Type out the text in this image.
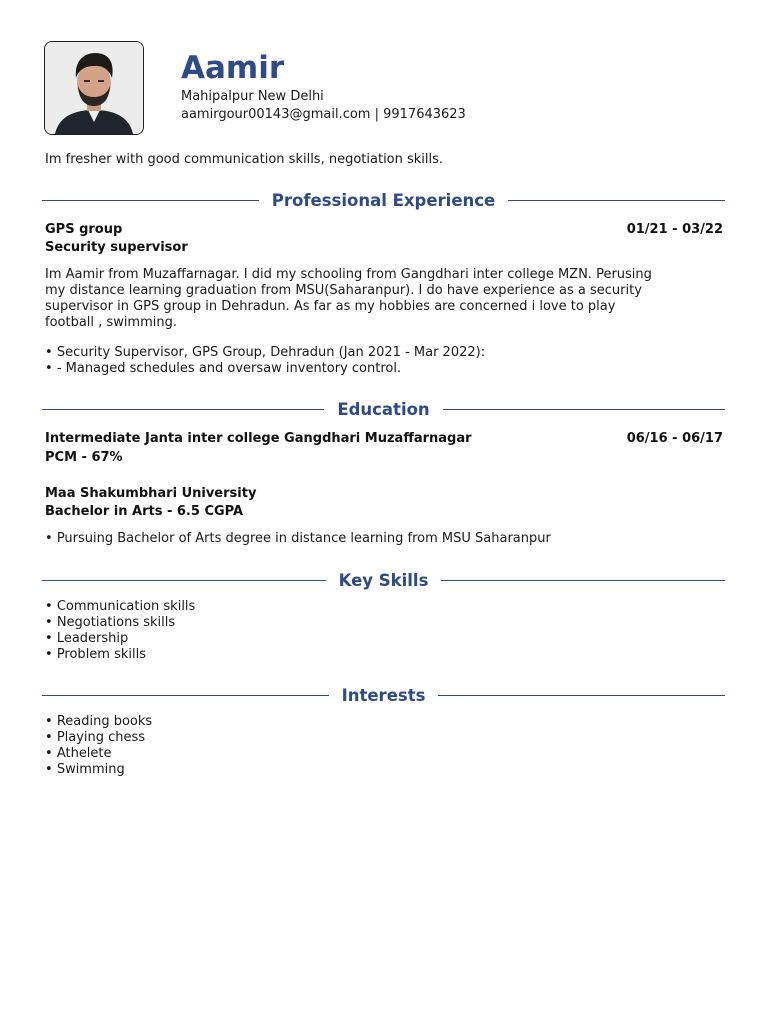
Aamir
Mahipalpur New Delhi
aamirgour00143@gmail.com | 9917643623
Im fresher with good communication skills, negotiation skills.
Professional Experience
GPS group	01/21 - 03/22
Security supervisor
Im Aamir from Muzaffarnagar. I did my schooling from Gangdhari inter college MZN. Perusing
my distance learning graduation from MSU(Saharanpur). I do have experience as a security
supervisor in GPS group in Dehradun. As far as my hobbies are concerned i love to play
football , swimming.
• Security Supervisor, GPS Group, Dehradun (Jan 2021 - Mar 2022):
• - Managed schedules and oversaw inventory control.
Education
Intermediate Janta inter college Gangdhari Muzaffarnagar	06/16 - 06/17
PCM - 67%
Maa Shakumbhari University
Bachelor in Arts - 6.5 CGPA
• Pursuing Bachelor of Arts degree in distance learning from MSU Saharanpur
Key Skills
• Communication skills
• Negotiations skills
• Leadership
• Problem skills
Interests
• Reading books
• Playing chess
• Athelete
• Swimming
